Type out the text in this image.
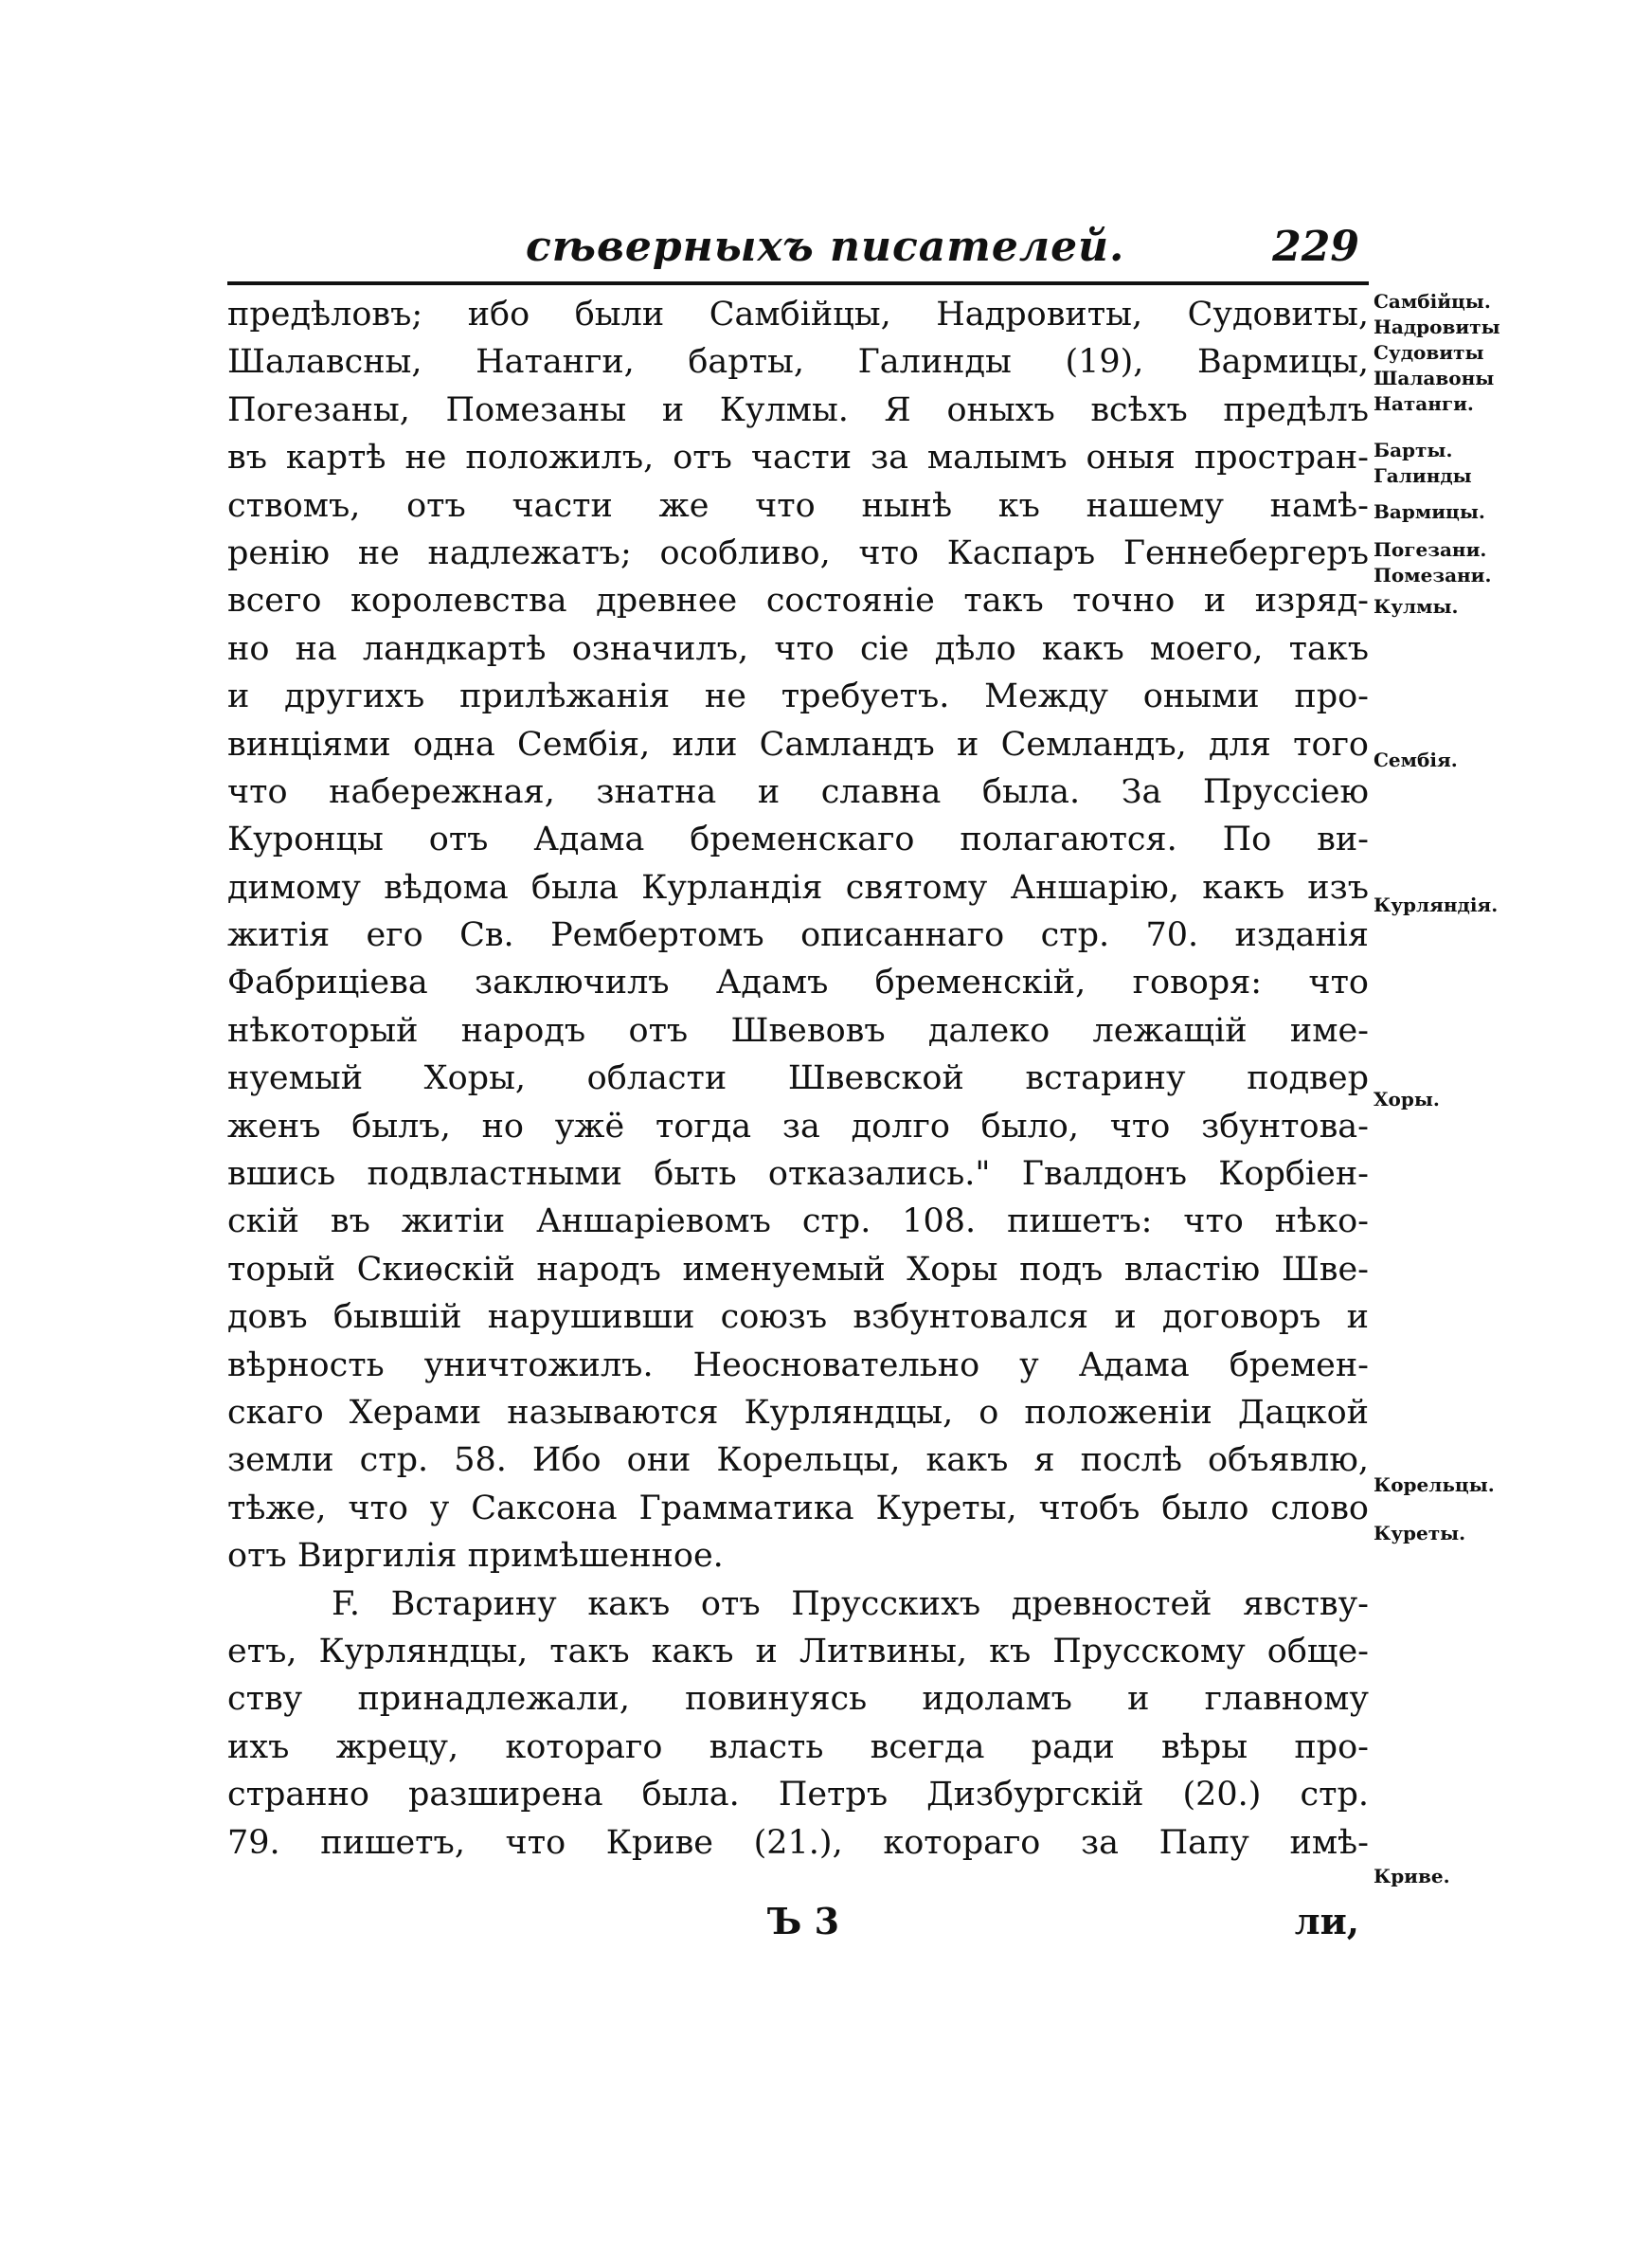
сѣверныхъ писателей.	229
предѣловъ; ибо были Самбійцы, Надровиты, Судовиты,
Шалавсны, Натанги, барты, Галинды (19), Вармицы,
Погезаны, Помезаны и Кулмы. Я оныхъ всѣхъ предѣлъ
въ картѣ не положилъ, отъ части за малымъ оныя простран-
ствомъ, отъ части же что нынѣ къ нашему намѣ-
ренію не надлежатъ; особливо, что Каспаръ Геннебергеръ
всего королевства древнее состояніе такъ точно и изряд-
но на ландкартѣ означилъ, что сіе дѣло какъ моего, такъ
и другихъ прилѣжанія не требуетъ. Между оными про-
винціями одна Сембія, или Самландъ и Семландъ, для того
что набережная, знатна и славна была. За Пруссіею
Куронцы отъ Адама бременскаго полагаются. По ви-
димому вѣдома была Курландія святому Аншарію, какъ изъ
житія его Св. Рембертомъ описаннаго стр. 70. изданія
Фабриціева заключилъ Адамъ бременскій, говоря: что
нѣкоторый народъ отъ Швевовъ далеко лежащій име-
нуемый Хоры, области Швевской встарину подвер
женъ былъ, но ужё тогда за долго было, что збунтова-
вшись подвластными быть отказались." Гвалдонъ Корбіен-
скій въ житіи Аншаріевомъ стр. 108. пишетъ: что нѣко-
торый Скиѳскій народъ именуемый Хоры подъ властію Шве-
довъ бывшій нарушивши союзъ взбунтовался и договоръ и
вѣрность уничтожилъ. Неосновательно у Адама бремен-
скаго Херами называются Курляндцы, о положеніи Дацкой
земли стр. 58. Ибо они Корельцы, какъ я послѣ объявлю,
тѣже, что у Саксона Грамматика Куреты, чтобъ было слово
отъ Виргилія примѣшенное.
F. Встарину какъ отъ Прусскихъ древностей явству-
етъ, Курляндцы, такъ какъ и Литвины, къ Прусскому обще-
ству принадлежали, повинуясь идоламъ и главному
ихъ жрецу, котораго власть всегда ради вѣры про-
странно разширена была. Петръ Дизбургскій (20.) стр.
79. пишетъ, что Криве (21.), котораго за Папу имѣ-
Ъ 3	ли,
Самбійцы.
Надровиты
Судовиты
Шалавоны
Натанги.
Барты.
Галинды
Вармицы.
Погезани.
Помезани.
Кулмы.
Сембія.
Курляндія.
Хоры.
Корельцы.
Куреты.
Криве.
